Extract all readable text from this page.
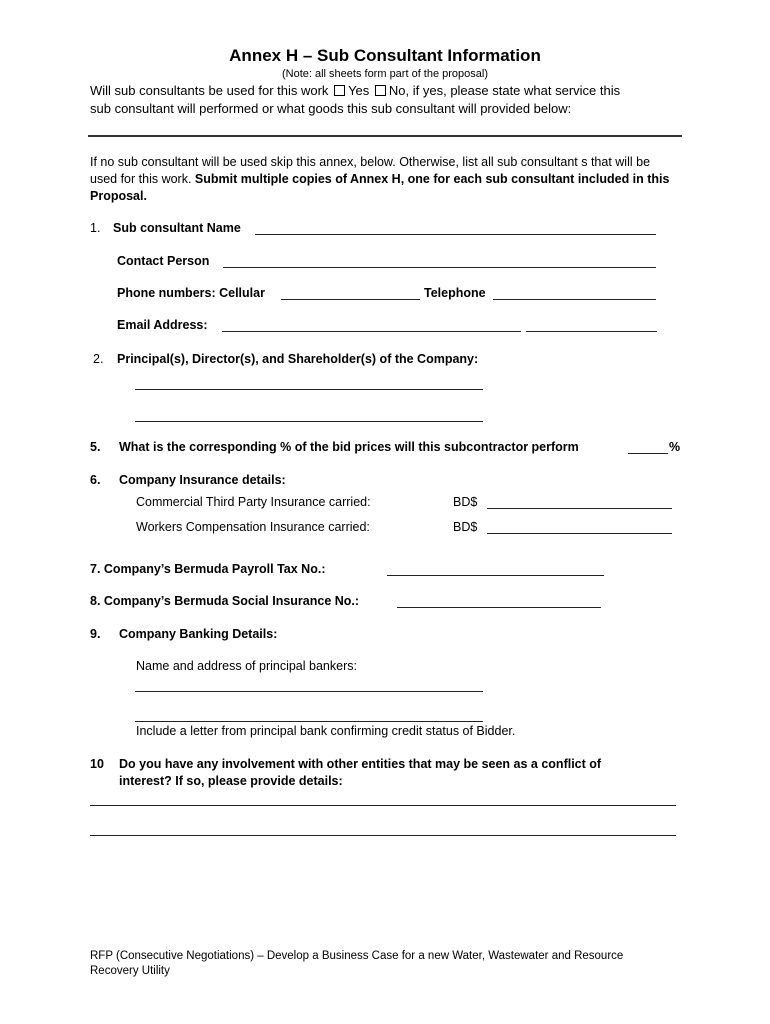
Annex H – Sub Consultant Information
(Note: all sheets form part of the proposal)
Will sub consultants be used for this work Yes No, if yes, please state what service this
sub consultant will performed or what goods this sub consultant will provided below:
If no sub consultant will be used skip this annex, below. Otherwise, list all sub consultant s that will be used for this work. Submit multiple copies of Annex H, one for each sub consultant included in this Proposal.
1. Sub consultant Name
Contact Person
Phone numbers: Cellular	Telephone
Email Address:
2. Principal(s), Director(s), and Shareholder(s) of the Company:
5. What is the corresponding % of the bid prices will this subcontractor perform	%
6. Company Insurance details:
Commercial Third Party Insurance carried:	BD$
Workers Compensation Insurance carried:	BD$
7. Company’s Bermuda Payroll Tax No.:
8. Company’s Bermuda Social Insurance No.:
9. Company Banking Details:
Name and address of principal bankers:
Include a letter from principal bank confirming credit status of Bidder.
10 Do you have any involvement with other entities that may be seen as a conflict of
interest? If so, please provide details:
RFP (Consecutive Negotiations) – Develop a Business Case for a new Water, Wastewater and Resource
Recovery Utility
